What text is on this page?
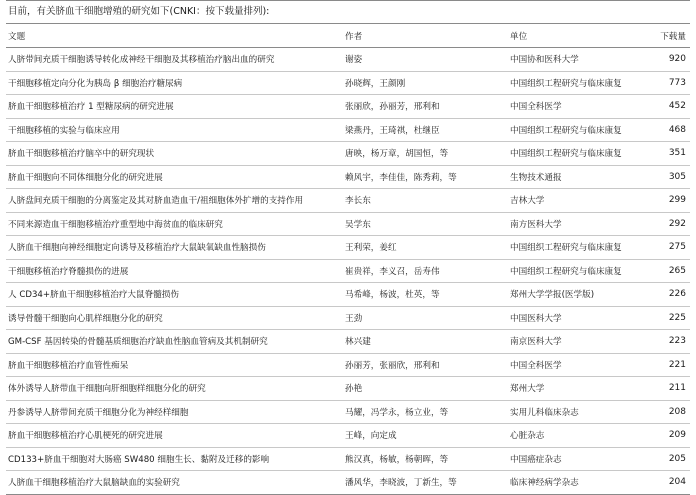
目前，有关脐血干细胞增殖的研究如下(CNKI：按下载量排列):
文题	作者	单位	下载量
人脐带间充质干细胞诱导转化成神经干细胞及其移植治疗脑出血的研究	谢姿	中国协和医科大学	920
干细胞移植定向分化为胰岛 β 细胞治疗糖尿病	孙晓辉，王颜刚	中国组织工程研究与临床康复	773
脐血干细胞移植治疗 1 型糖尿病的研究进展	张丽欣，孙丽芳，邢利和	中国全科医学	452
干细胞移植的实验与临床应用	梁燕丹，王琦祺，杜继臣	中国组织工程研究与临床康复	468
脐血干细胞移植治疗脑卒中的研究现状	唐映，杨万章，胡国恒，等	中国组织工程研究与临床康复	351
脐血干细胞向不同体细胞分化的研究进展	赖风宇，李佳佳，陈秀莉，等	生物技术通报	305
人脐盘间充质干细胞的分离鉴定及其对脐血造血干/祖细胞体外扩增的支持作用	李长东	吉林大学	299
不同来源造血干细胞移植治疗重型地中海贫血的临床研究	吴学东	南方医科大学	292
人脐血干细胞向神经细胞定向诱导及移植治疗大鼠缺氧缺血性脑损伤	王利荣，姜红	中国组织工程研究与临床康复	275
干细胞移植治疗脊髓损伤的进展	崔贵祥，李义召，岳寿伟	中国组织工程研究与临床康复	265
人 CD34+脐血干细胞移植治疗大鼠脊髓损伤	马希峰，杨波，杜英，等	郑州大学学报(医学版)	226
诱导骨髓干细胞向心肌样细胞分化的研究	王劲	中国医科大学	225
GM-CSF 基因转染的骨髓基质细胞治疗缺血性脑血管病及其机制研究	林兴建	南京医科大学	223
脐血干细胞移植治疗血管性痴呆	孙丽芳，张丽欣，邢利和	中国全科医学	221
体外诱导人脐带血干细胞向肝细胞样细胞分化的研究	孙艳	郑州大学	211
丹参诱导人脐带间充质干细胞分化为神经样细胞	马耀，冯学永，杨立业，等	实用儿科临床杂志	208
脐血干细胞移植治疗心肌梗死的研究进展	王峰，向定成	心脏杂志	209
CD133+脐血干细胞对大肠癌 SW480 细胞生长、黏附及迁移的影响	熊汉真，杨敏，杨朝晖，等	中国癌症杂志	205
人脐血干细胞移植治疗大鼠脑缺血的实验研究	潘风华，李晓波，丁新生，等	临床神经病学杂志	204
